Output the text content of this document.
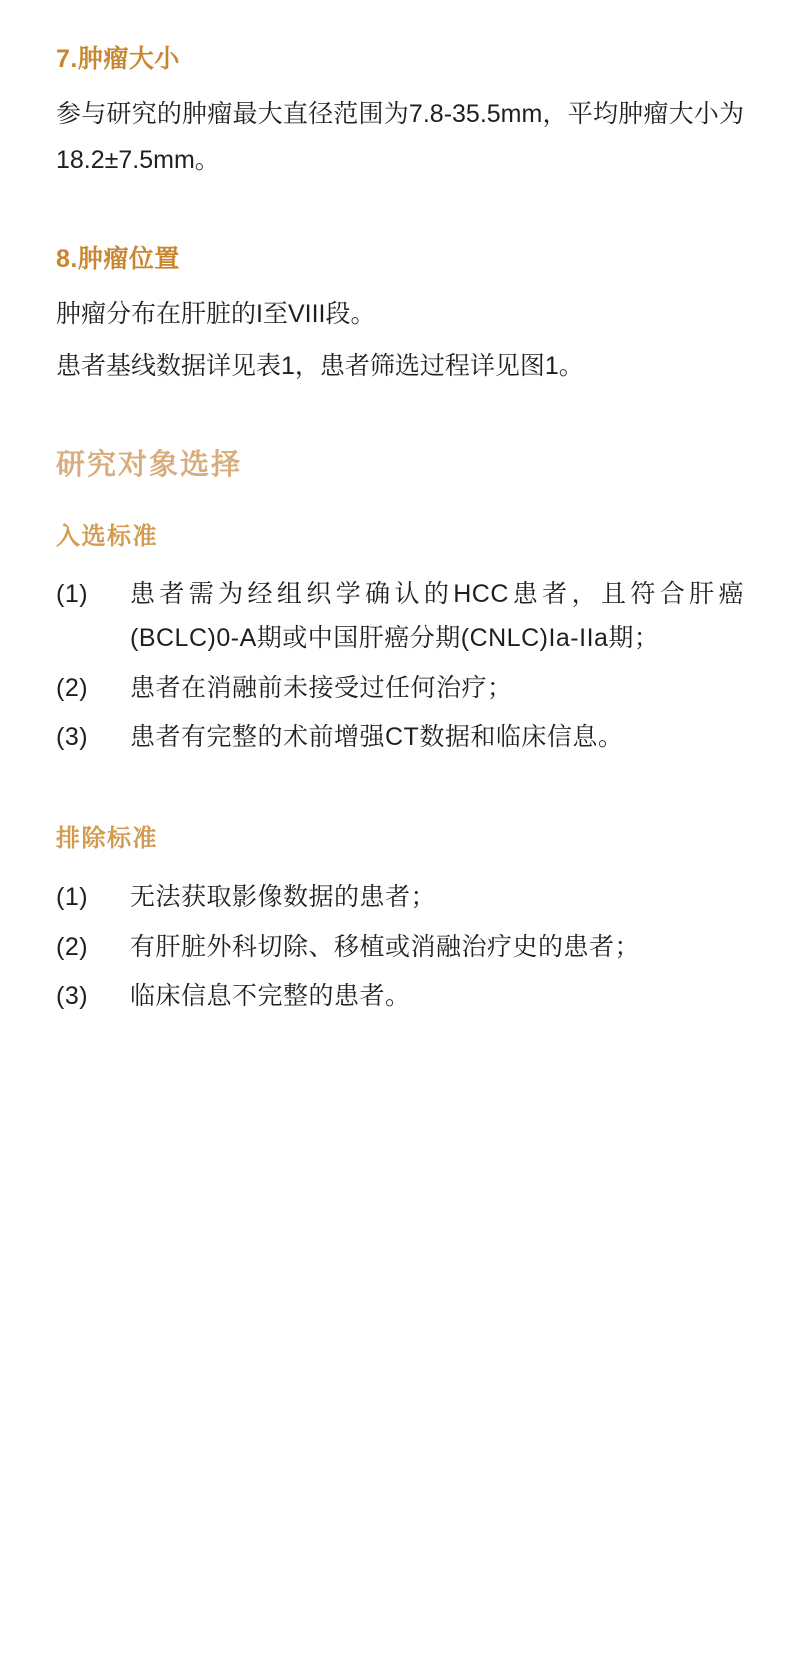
7.肿瘤大小

参与研究的肿瘤最大直径范围为7.8-35.5mm，平均肿瘤大小为18.2±7.5mm。

8.肿瘤位置

肿瘤分布在肝脏的I至VIII段。

患者基线数据详见表1，患者筛选过程详见图1。

研究对象选择
入选标准
(1)	患者需为经组织学确认的HCC患者，且符合肝癌(BCLC)0-A期或中国肝癌分期(CNLC)Ia-IIa期；
(2)	患者在消融前未接受过任何治疗；
(3)	患者有完整的术前增强CT数据和临床信息。
排除标准
(1)	无法获取影像数据的患者；
(2)	有肝脏外科切除、移植或消融治疗史的患者；
(3)	临床信息不完整的患者。
